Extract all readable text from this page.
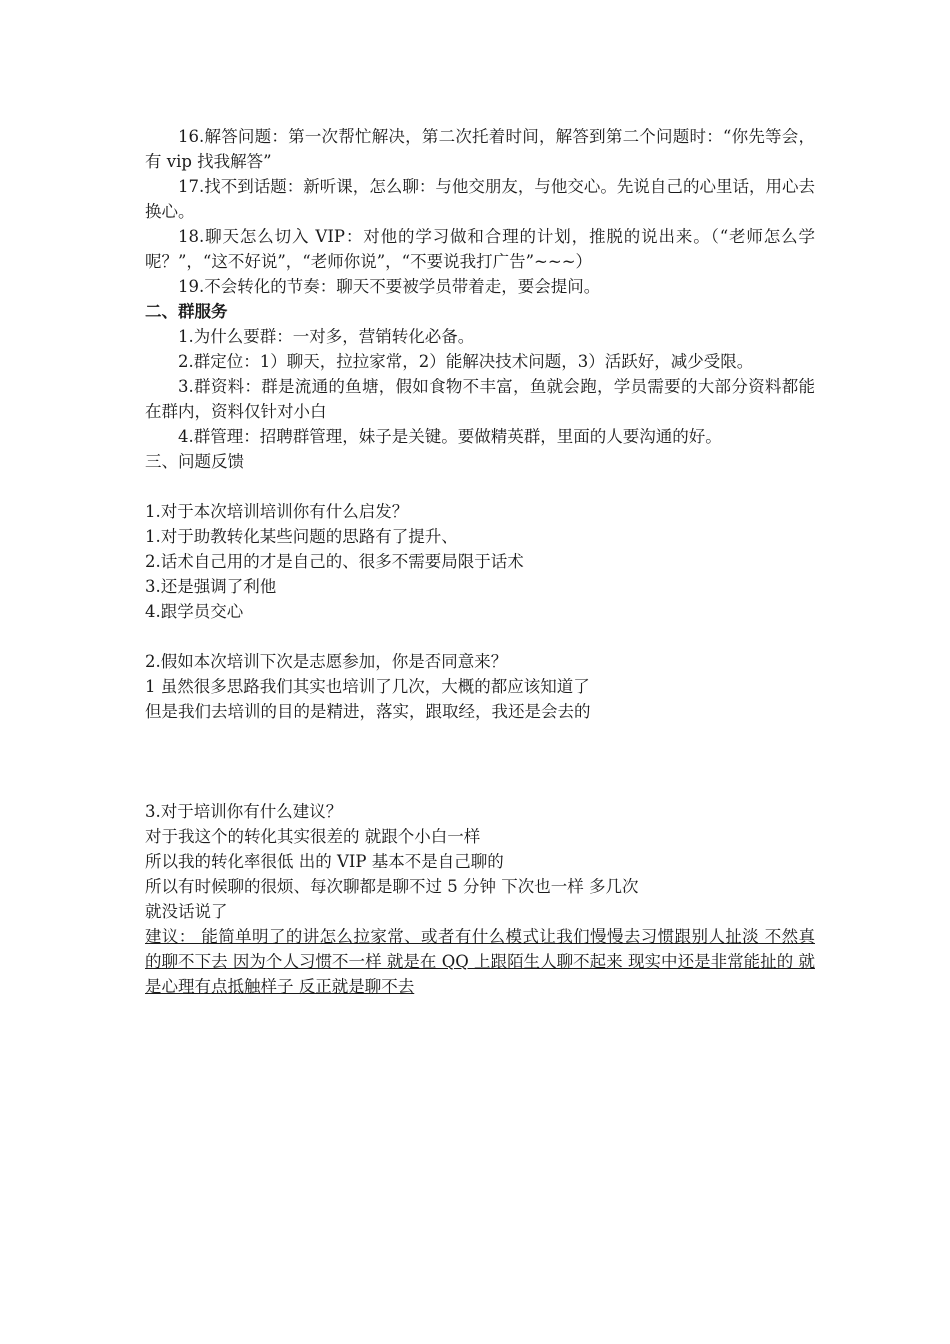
16.解答问题：第一次帮忙解决，第二次托着时间，解答到第二个问题时：“你先等会，有 vip 找我解答”

17.找不到话题：新听课，怎么聊：与他交朋友，与他交心。先说自己的心里话，用心去换心。

18.聊天怎么切入 VIP：对他的学习做和合理的计划，推脱的说出来。（“老师怎么学呢？”，“这不好说”，“老师你说”，“不要说我打广告”~~~）

19.不会转化的节奏：聊天不要被学员带着走，要会提问。

二、群服务

1.为什么要群：一对多，营销转化必备。

2.群定位：1）聊天，拉拉家常，2）能解决技术问题，3）活跃好，减少受限。

3.群资料：群是流通的鱼塘，假如食物不丰富，鱼就会跑，学员需要的大部分资料都能在群内，资料仅针对小白

4.群管理：招聘群管理，妹子是关键。要做精英群，里面的人要沟通的好。

三、问题反馈

1.对于本次培训培训你有什么启发？

1.对于助教转化某些问题的思路有了提升、

2.话术自己用的才是自己的、很多不需要局限于话术

3.还是强调了利他

4.跟学员交心

2.假如本次培训下次是志愿参加，你是否同意来？

1 虽然很多思路我们其实也培训了几次，大概的都应该知道了

但是我们去培训的目的是精进，落实，跟取经，我还是会去的

3.对于培训你有什么建议？

对于我这个的转化其实很差的 就跟个小白一样

所以我的转化率很低 出的 VIP 基本不是自己聊的

所以有时候聊的很烦、每次聊都是聊不过 5 分钟 下次也一样 多几次

就没话说了

建议： 能简单明了的讲怎么拉家常、或者有什么模式让我们慢慢去习惯跟别人扯淡 不然真的聊不下去 因为个人习惯不一样 就是在 QQ 上跟陌生人聊不起来 现实中还是非常能扯的 就是心理有点抵触样子 反正就是聊不去
